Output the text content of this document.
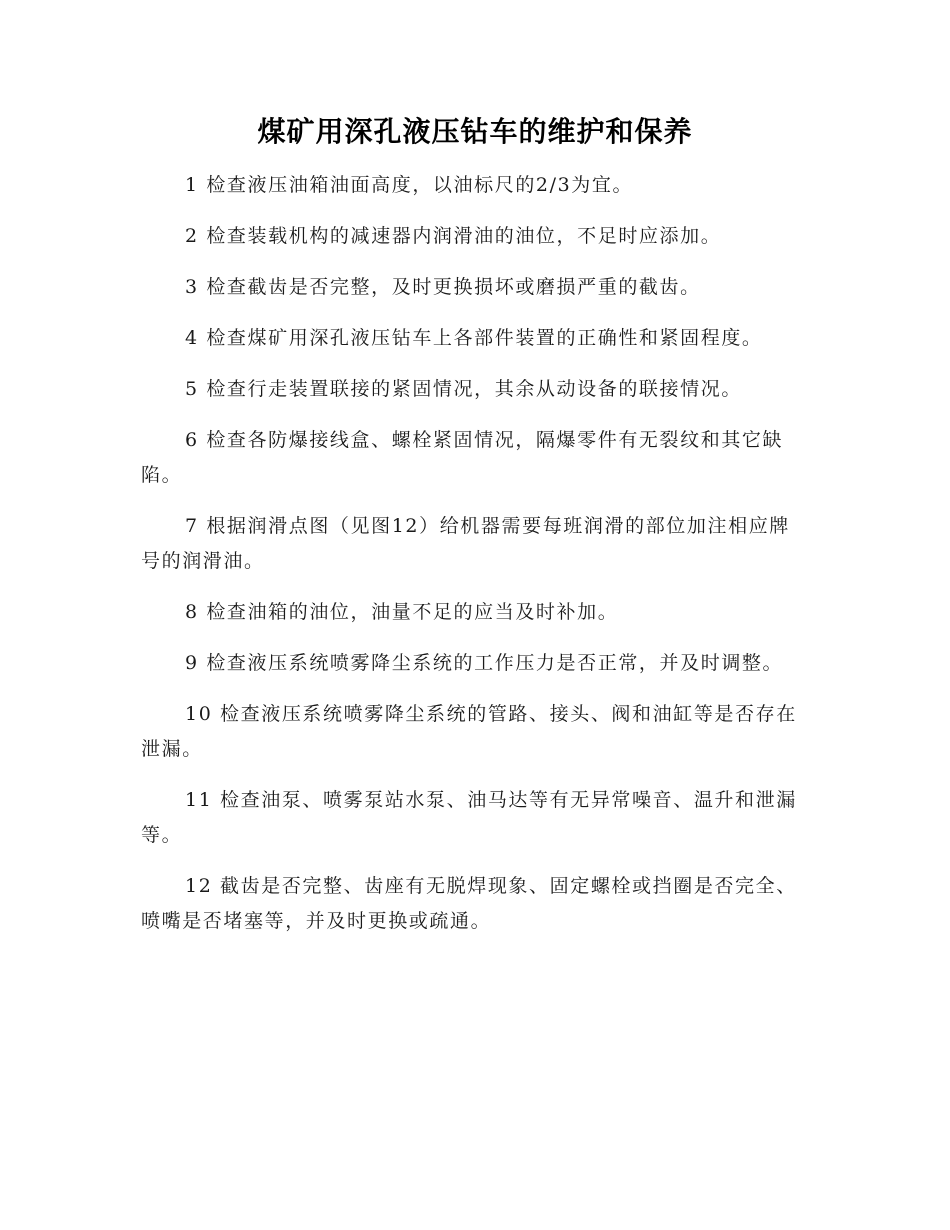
煤矿用深孔液压钻车的维护和保养

1 检查液压油箱油面高度，以油标尺的2/3为宜。

2 检查装载机构的减速器内润滑油的油位，不足时应添加。

3 检查截齿是否完整，及时更换损坏或磨损严重的截齿。

4 检查煤矿用深孔液压钻车上各部件装置的正确性和紧固程度。

5 检查行走装置联接的紧固情况，其余从动设备的联接情况。

6 检查各防爆接线盒、螺栓紧固情况，隔爆零件有无裂纹和其它缺陷。

7 根据润滑点图（见图12）给机器需要每班润滑的部位加注相应牌号的润滑油。

8 检查油箱的油位，油量不足的应当及时补加。

9 检查液压系统喷雾降尘系统的工作压力是否正常，并及时调整。

10 检查液压系统喷雾降尘系统的管路、接头、阀和油缸等是否存在泄漏。

11 检查油泵、喷雾泵站水泵、油马达等有无异常噪音、温升和泄漏等。

12 截齿是否完整、齿座有无脱焊现象、固定螺栓或挡圈是否完全、喷嘴是否堵塞等，并及时更换或疏通。
